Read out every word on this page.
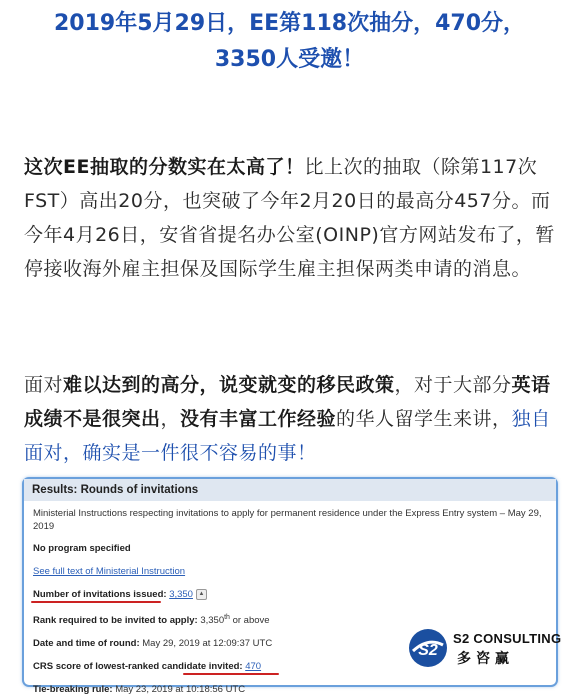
2019年5月29日，EE第118次抽分，470分，
3350人受邀！
这次EE抽取的分数实在太高了！比上次的抽取（除第117次FST）高出20分，也突破了今年2月20日的最高分457分。而今年4月26日，安省省提名办公室(OINP)官方网站发布了，暂停接收海外雇主担保及国际学生雇主担保两类申请的消息。
面对难以达到的高分，说变就变的移民政策，对于大部分英语成绩不是很突出，没有丰富工作经验的华人留学生来讲，独自面对，确实是一件很不容易的事！
Results: Rounds of invitations
Ministerial Instructions respecting invitations to apply for permanent residence under the Express Entry system – May 29, 2019
No program specified
See full text of Ministerial Instruction
Number of invitations issued: 3,350 ▲
Rank required to be invited to apply: 3,350th or above
Date and time of round: May 29, 2019 at 12:09:37 UTC
CRS score of lowest-ranked candidate invited: 470
Tie-breaking rule: May 23, 2019 at 10:18:56 UTC
S2
S2 CONSULTING
多咨赢
